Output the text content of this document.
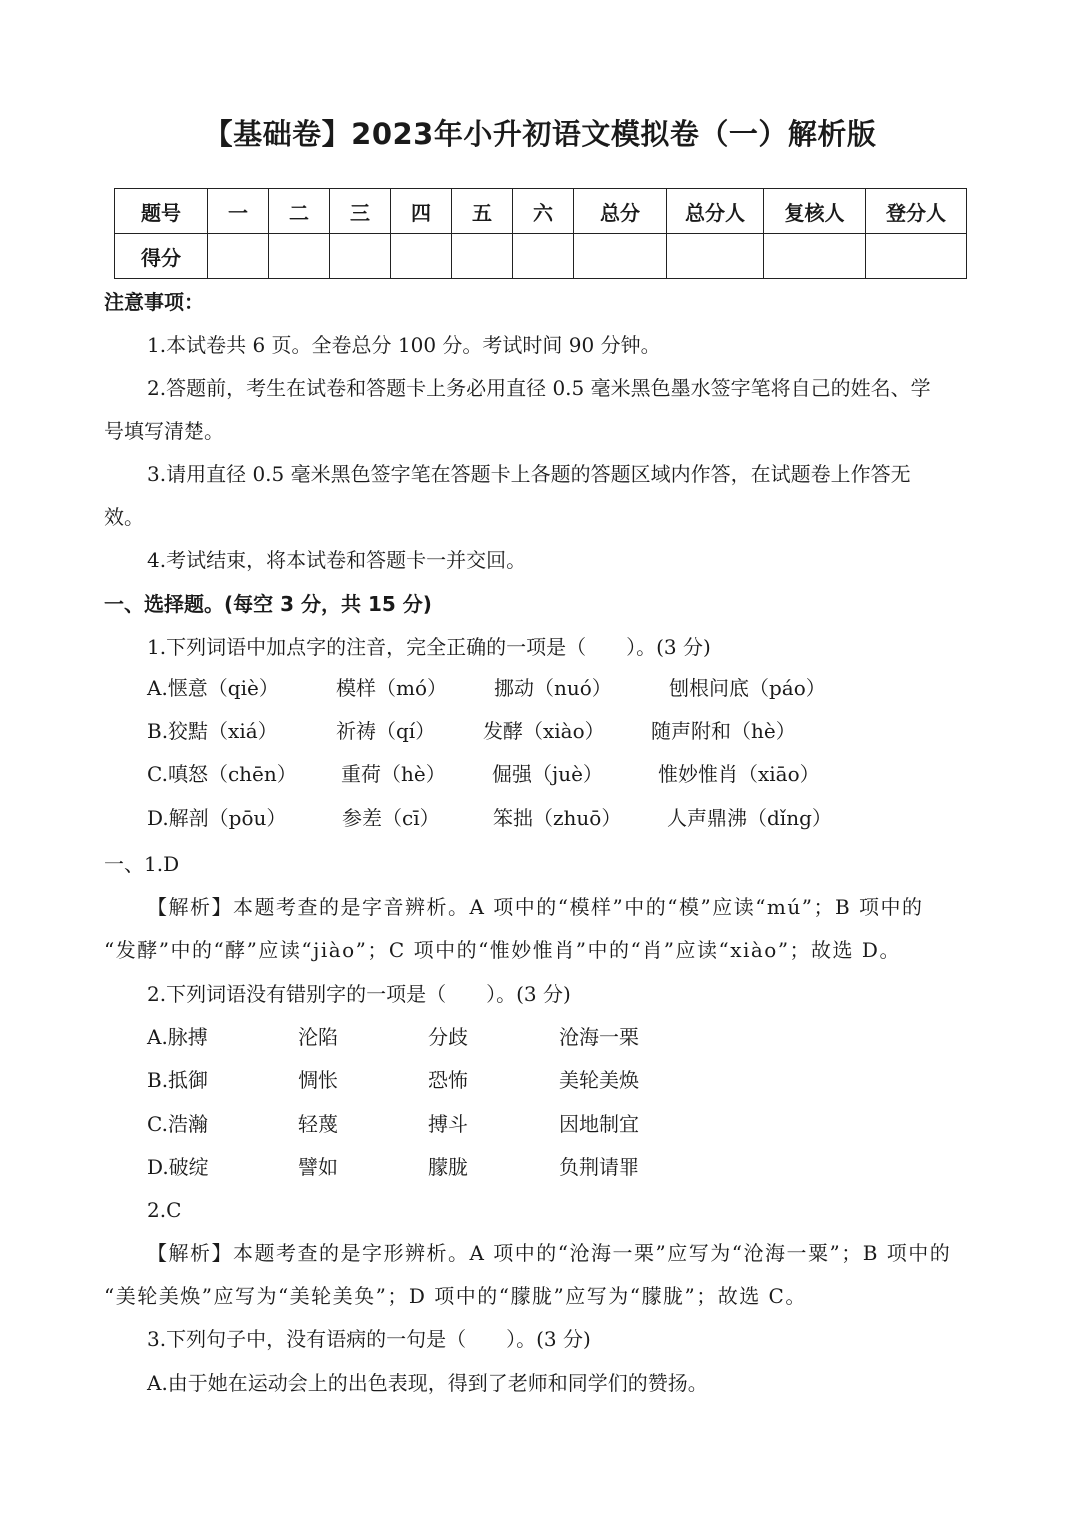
【基础卷】2023年小升初语文模拟卷（一）解析版
题号	一	二	三	四	五	六	总分	总分人	复核人	登分人
得分										
注意事项：
1.本试卷共 6 页。全卷总分 100 分。考试时间 90 分钟。
2.答题前，考生在试卷和答题卡上务必用直径 0.5 毫米黑色墨水签字笔将自己的姓名、学
号填写清楚。
3.请用直径 0.5 毫米黑色签字笔在答题卡上各题的答题区域内作答，在试题卷上作答无
效。
4.考试结束，将本试卷和答题卡一并交回。
一、选择题。(每空 3 分，共 15 分)
1.下列词语中加点字的注音，完全正确的一项是（　　）。(3 分)
A.惬意（qiè）	模样（mó） 挪动（nuó）	刨根问底（páo）
B.狡黠（xiá）	祈祷（qí） 发酵（xiào） 随声附和（hè）
C.嗔怒（chēn） 重荷（hè） 倔强（juè）	惟妙惟肖（xiāo）
D.解剖（pōu）	参差（cī）	笨拙（zhuō） 人声鼎沸（dǐng）
一、1.D
【解析】本题考查的是字音辨析。A 项中的“模样”中的“模”应读“mú”；B 项中的
“发酵”中的“酵”应读“jiào”；C 项中的“惟妙惟肖”中的“肖”应读“xiào”；故选 D。
2.下列词语没有错别字的一项是（　　）。(3 分)
A.脉搏	沦陷	分歧	沧海一栗
B.抵御	惆怅	恐怖	美轮美焕
C.浩瀚	轻蔑	搏斗	因地制宜
D.破绽	譬如	朦胧	负荆请罪
2.C
【解析】本题考查的是字形辨析。A 项中的“沧海一栗”应写为“沧海一粟”；B 项中的
“美轮美焕”应写为“美轮美奂”；D 项中的“朦胧”应写为“朦胧”；故选 C。
3.下列句子中，没有语病的一句是（　　）。(3 分)
A.由于她在运动会上的出色表现，得到了老师和同学们的赞扬。
